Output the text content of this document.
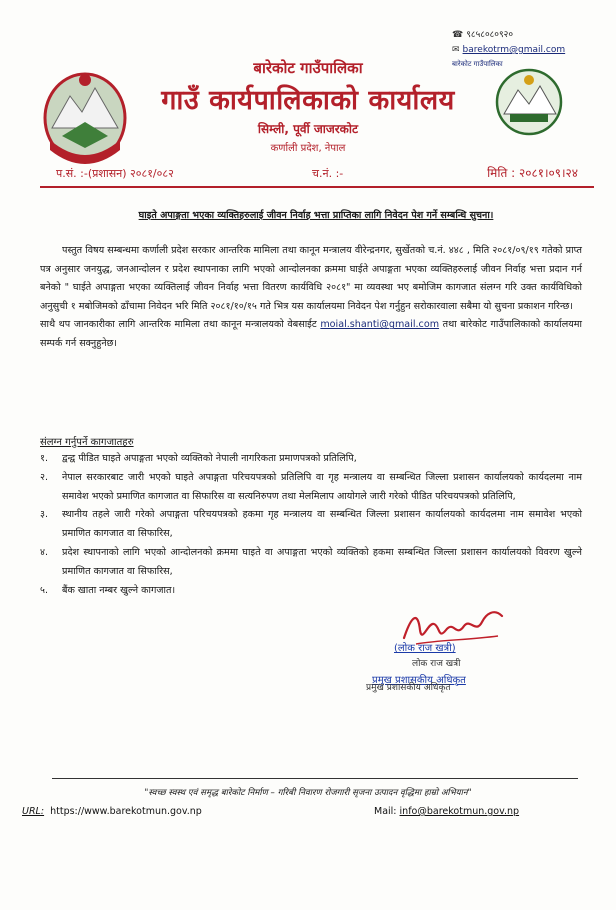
बारेकोट गाउँपालिका
गाउँ कार्यपालिकाको कार्यालय
सिम्ली, पूर्वी जाजरकोट
कर्णाली प्रदेश, नेपाल
☎ ९८५८०८०९२०
✉ barekotrm@gmail.com
बारेकोट गाउँपालिका
प.सं. :-(प्रशासन) २०८१/०८२	च.नं. :-	मिति : २०८१।०९।२४
घाइते अपाङ्गता भएका व्यक्तिहरुलाई जीवन निर्वाह भत्ता प्राप्तिका लागि निवेदन पेश गर्ने सम्बन्धि सुचना।

पस्तुत विषय सम्बन्धमा कर्णाली प्रदेश सरकार आन्तरिक मामिला तथा कानून मन्त्रालय वीरेन्द्रनगर, सुर्खेतको च.नं. ४४८ , मिति २०८१/०९/१९ गतेको प्राप्त पत्र अनुसार जनयुद्ध, जनआन्दोलन र प्रदेश स्थापनाका लागि भएको आन्दोलनका क्रममा घाईते अपाङ्गता भएका व्यक्तिहरुलाई जीवन निर्वाह भत्ता प्रदान गर्न बनेको " घाईते अपाङ्गता भएका व्यक्तिलाई जीवन निर्वाह भत्ता वितरण कार्यविधि २०८१" मा व्यवस्था भए बमोजिम कागजात संलग्न गरि उक्त कार्यविधिको अनुसुची १ मबोजिमको ढाँचामा निवेदन भरि मिति २०८१/१०/१५ गते भित्र यस कार्यालयमा निवेदन पेश गर्नुहुन सरोकारवाला सबैमा यो सुचना प्रकाशन गरिन्छ।

साथै थप जानकारीका लागि आन्तरिक मामिला तथा कानून मन्त्रालयको वेबसाईट moial.shanti@gmail.com तथा बारेकोट गाउँपालिकाको कार्यालयमा सम्पर्क गर्न सक्नुहुनेछ।

संलग्न गर्नुपर्ने कागजातहरु
१. द्वन्द्व पीडित घाइते अपाङ्गता भएको व्यक्तिको नेपाली नागरिकता प्रमाणपत्रको प्रतिलिपि,
२. नेपाल सरकारबाट जारी भएको घाइते अपाङ्गता परिचयपत्रको प्रतिलिपि वा गृह मन्त्रालय वा सम्बन्धित जिल्ला प्रशासन कार्यालयको कार्यदलमा नाम समावेश भएको प्रमाणित कागजात वा सिफारिस वा सत्यनिरुपण तथा मेलमिलाप आयोगले जारी गरेको पीडित परिचयपत्रको प्रतिलिपि,
३. स्थानीय तहले जारी गरेको अपाङ्गता परिचयपत्रको हकमा गृह मन्त्रालय वा सम्बन्धित जिल्ला प्रशासन कार्यालयको कार्यदलमा नाम समावेश भएको प्रमाणित कागजात वा सिफारिस,
४. प्रदेश स्थापनाको लागि भएको आन्दोलनको क्रममा घाइते वा अपाङ्गता भएको व्यक्तिको हकमा सम्बन्धित जिल्ला प्रशासन कार्यालयको विवरण खुल्ने प्रमाणित कागजात वा सिफारिस,
५. बैंक खाता नम्बर खुल्ने कागजात।
(लोक राज खत्री)
लोक राज खत्री
प्रमुख प्रशासकीय अधिकृत
प्रमुख प्रशासकीय अधिकृत
"स्वच्छ स्वस्थ एवं समृद्ध बारेकोट निर्माण – गरिबी निवारण रोजगारी सृजना उत्पादन वृद्धिमा हाम्रो अभियान"
URL: https://www.barekotmun.gov.np	Mail: info@barekotmun.gov.np
